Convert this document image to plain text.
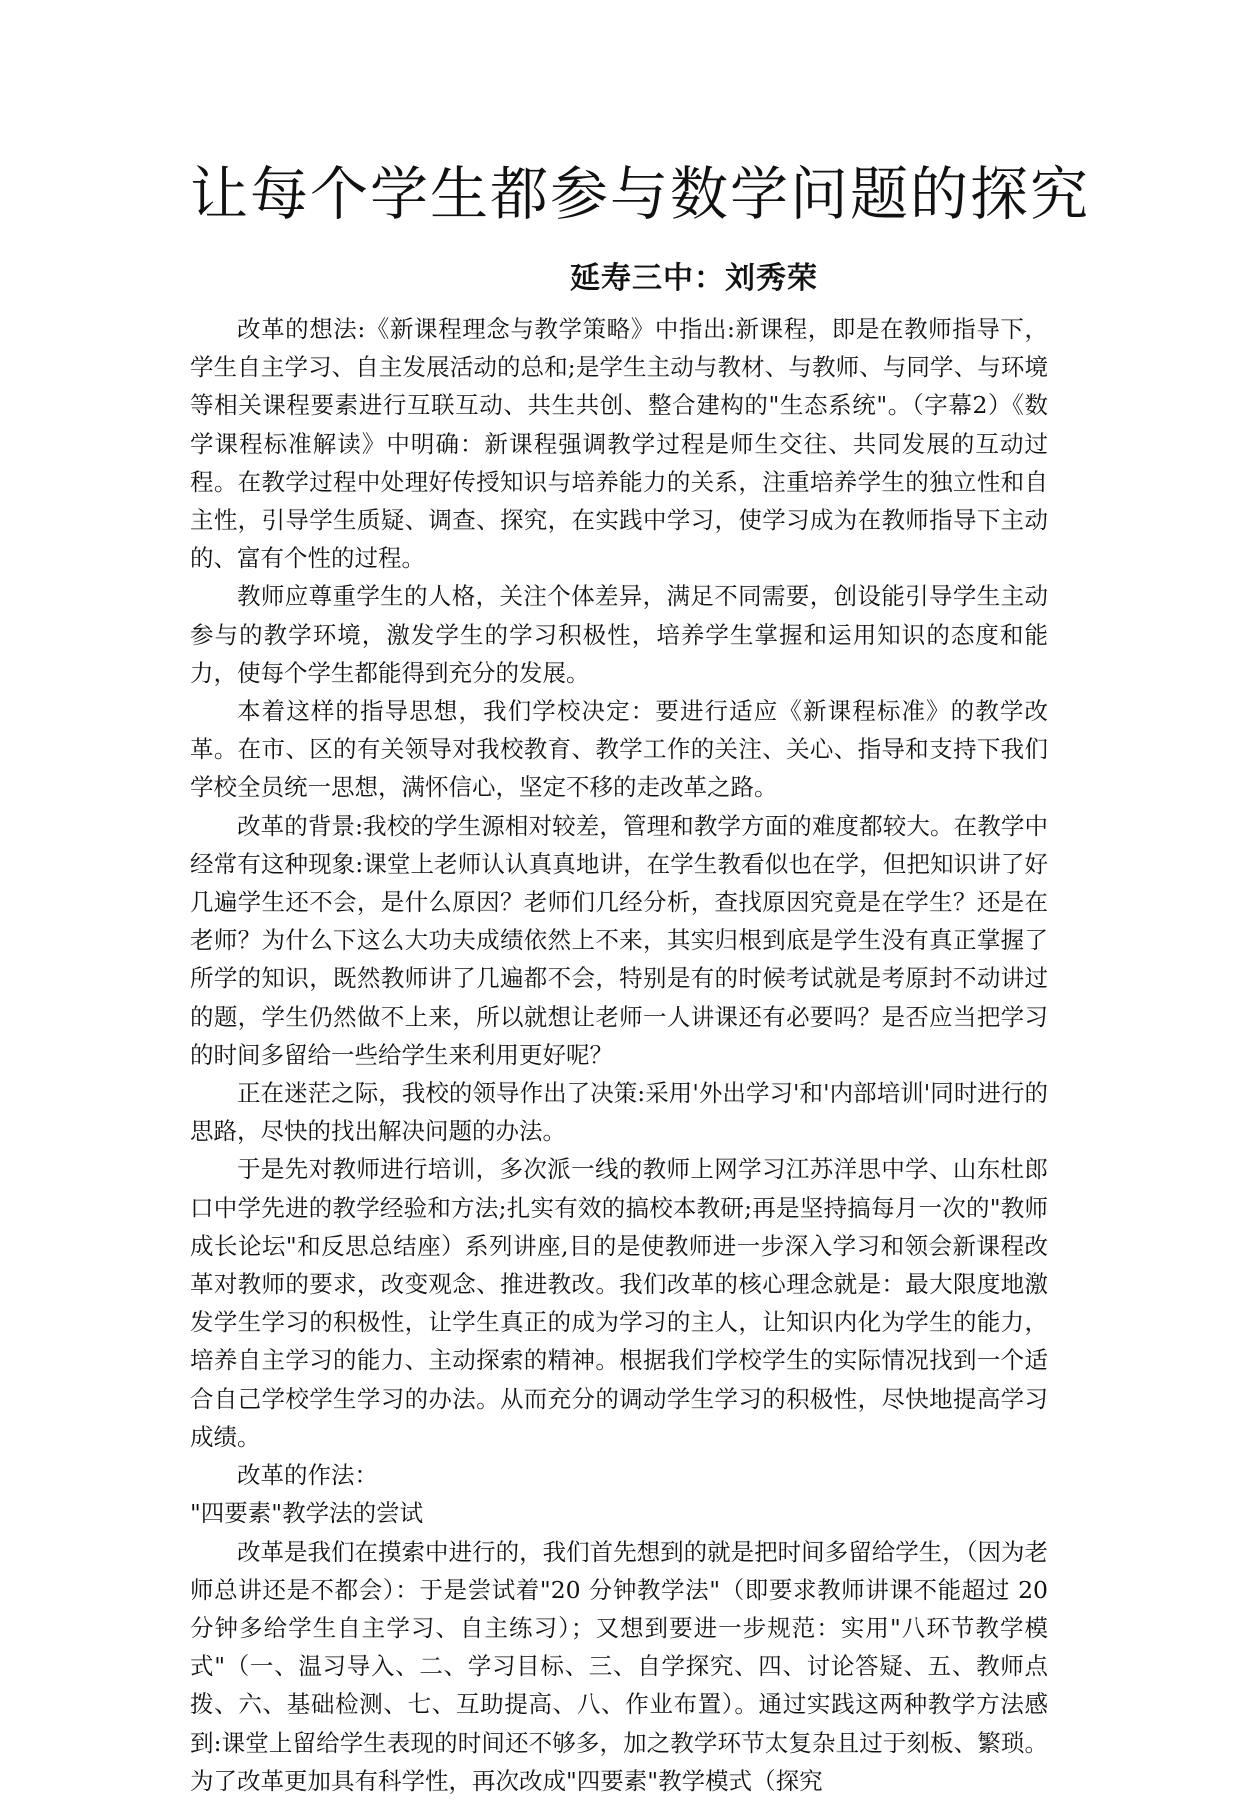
让每个学生都参与数学问题的探究
延寿三中：刘秀荣

改革的想法:《新课程理念与教学策略》中指出:新课程，即是在教师指导下，学生自主学习、自主发展活动的总和;是学生主动与教材、与教师、与同学、与环境等相关课程要素进行互联互动、共生共创、整合建构的"生态系统"。（字幕2）《数学课程标准解读》中明确：新课程强调教学过程是师生交往、共同发展的互动过程。在教学过程中处理好传授知识与培养能力的关系，注重培养学生的独立性和自主性，引导学生质疑、调查、探究，在实践中学习，使学习成为在教师指导下主动的、富有个性的过程。

教师应尊重学生的人格，关注个体差异，满足不同需要，创设能引导学生主动参与的教学环境，激发学生的学习积极性，培养学生掌握和运用知识的态度和能力，使每个学生都能得到充分的发展。

本着这样的指导思想，我们学校决定：要进行适应《新课程标准》的教学改革。在市、区的有关领导对我校教育、教学工作的关注、关心、指导和支持下我们学校全员统一思想，满怀信心，坚定不移的走改革之路。

改革的背景:我校的学生源相对较差，管理和教学方面的难度都较大。在教学中经常有这种现象:课堂上老师认认真真地讲，在学生教看似也在学，但把知识讲了好几遍学生还不会，是什么原因？老师们几经分析，查找原因究竟是在学生？还是在老师？为什么下这么大功夫成绩依然上不来，其实归根到底是学生没有真正掌握了所学的知识，既然教师讲了几遍都不会，特别是有的时候考试就是考原封不动讲过的题，学生仍然做不上来，所以就想让老师一人讲课还有必要吗？是否应当把学习的时间多留给一些给学生来利用更好呢？

正在迷茫之际，我校的领导作出了决策:采用'外出学习'和'内部培训'同时进行的思路，尽快的找出解决问题的办法。

于是先对教师进行培训，多次派一线的教师上网学习江苏洋思中学、山东杜郎口中学先进的教学经验和方法;扎实有效的搞校本教研;再是坚持搞每月一次的"教师成长论坛"和反思总结座）系列讲座,目的是使教师进一步深入学习和领会新课程改革对教师的要求，改变观念、推进教改。我们改革的核心理念就是：最大限度地激发学生学习的积极性，让学生真正的成为学习的主人，让知识内化为学生的能力，培养自主学习的能力、主动探索的精神。根据我们学校学生的实际情况找到一个适合自己学校学生学习的办法。从而充分的调动学生学习的积极性，尽快地提高学习成绩。

改革的作法：

"四要素"教学法的尝试

改革是我们在摸索中进行的，我们首先想到的就是把时间多留给学生，（因为老师总讲还是不都会）：于是尝试着"20 分钟教学法"（即要求教师讲课不能超过 20 分钟多给学生自主学习、自主练习）；又想到要进一步规范：实用"八环节教学模式"（一、温习导入、二、学习目标、三、自学探究、四、讨论答疑、五、教师点拨、六、基础检测、七、互助提高、八、作业布置）。通过实践这两种教学方法感到:课堂上留给学生表现的时间还不够多，加之教学环节太复杂且过于刻板、繁琐。为了改革更加具有科学性，再次改成"四要素"教学模式（探究
